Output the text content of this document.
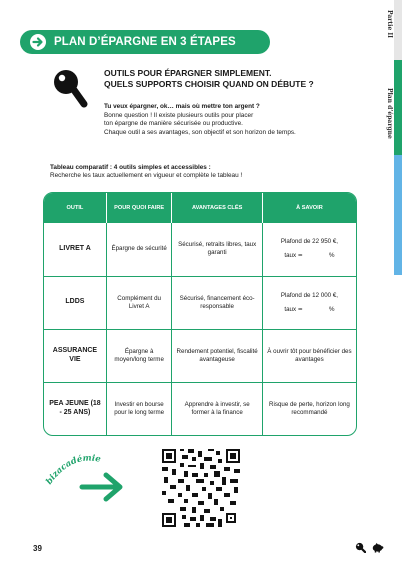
Partie II
Plan d’épargne
PLAN D’ÉPARGNE EN 3 ÉTAPES
OUTILS POUR ÉPARGNER SIMPLEMENT.
QUELS SUPPORTS CHOISIR QUAND ON DÉBUTE ?
Tu veux épargner, ok… mais où mettre ton argent ?
Bonne question ! Il existe plusieurs outils pour placer
ton épargne de manière sécurisée ou productive.
Chaque outil a ses avantages, son objectif et son horizon de temps.
Tableau comparatif : 4 outils simples et accessibles :
Recherche les taux actuellement en vigueur et complète le tableau !
OUTIL	POUR QUOI FAIRE	AVANTAGES CLÉS	À SAVOIR
LIVRET A	Épargne de sécurité	Sécurisé, retraits libres, taux garanti	Plafond de 22 950 €,
taux ≃ %

LDDS	Complément du Livret A	Sécurisé, financement éco-responsable	Plafond de 12 000 €,
taux ≃ %

ASSURANCE VIE	Épargne à moyen/long terme	Rendement potentiel, fiscalité avantageuse	À ouvrir tôt pour bénéficier des avantages
PEA JEUNE (18 - 25 ANS)	Investir en bourse pour le long terme	Apprendre à investir, se former à la finance	Risque de perte, horizon long recommandé
bizacadémie
39
